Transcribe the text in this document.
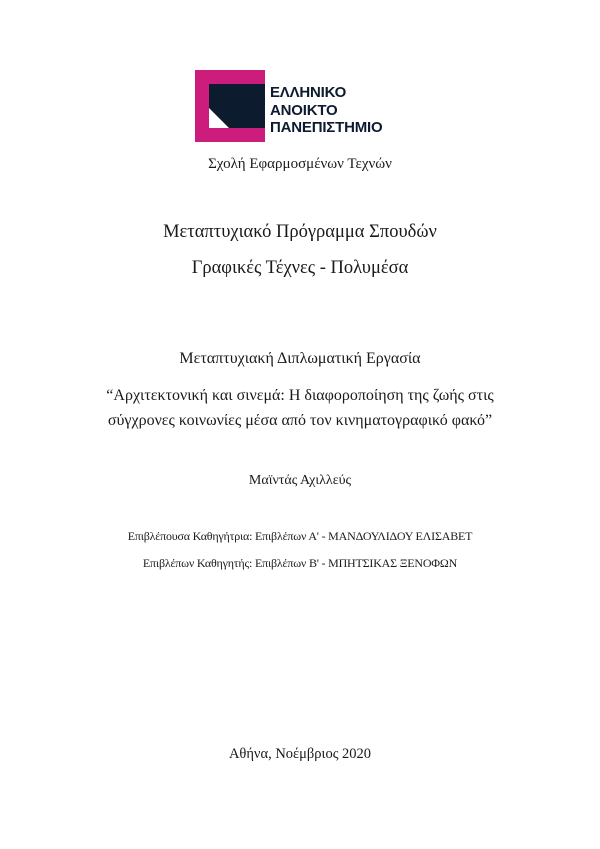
ΕΛΛΗΝΙΚΟ
ΑΝΟΙΚΤΟ
ΠΑΝΕΠΙΣΤΗΜΙΟ
Σχολή Εφαρμοσμένων Τεχνών
Μεταπτυχιακό Πρόγραμμα Σπουδών
Γραφικές Τέχνες - Πολυμέσα
Μεταπτυχιακή Διπλωματική Εργασία
“Αρχιτεκτονική και σινεμά: Η διαφοροποίηση της ζωής στις
σύγχρονες κοινωνίες μέσα από τον κινηματογραφικό φακό”
Μαϊντάς Αχιλλεύς
Επιβλέπουσα Καθηγήτρια: Επιβλέπων Α' - ΜΑΝΔΟΥΛΙΔΟΥ ΕΛΙΣΑΒΕΤ
Επιβλέπων Καθηγητής: Επιβλέπων Β' - ΜΠΗΤΣΙΚΑΣ ΞΕΝΟΦΩΝ
Αθήνα, Νοέμβριος 2020
